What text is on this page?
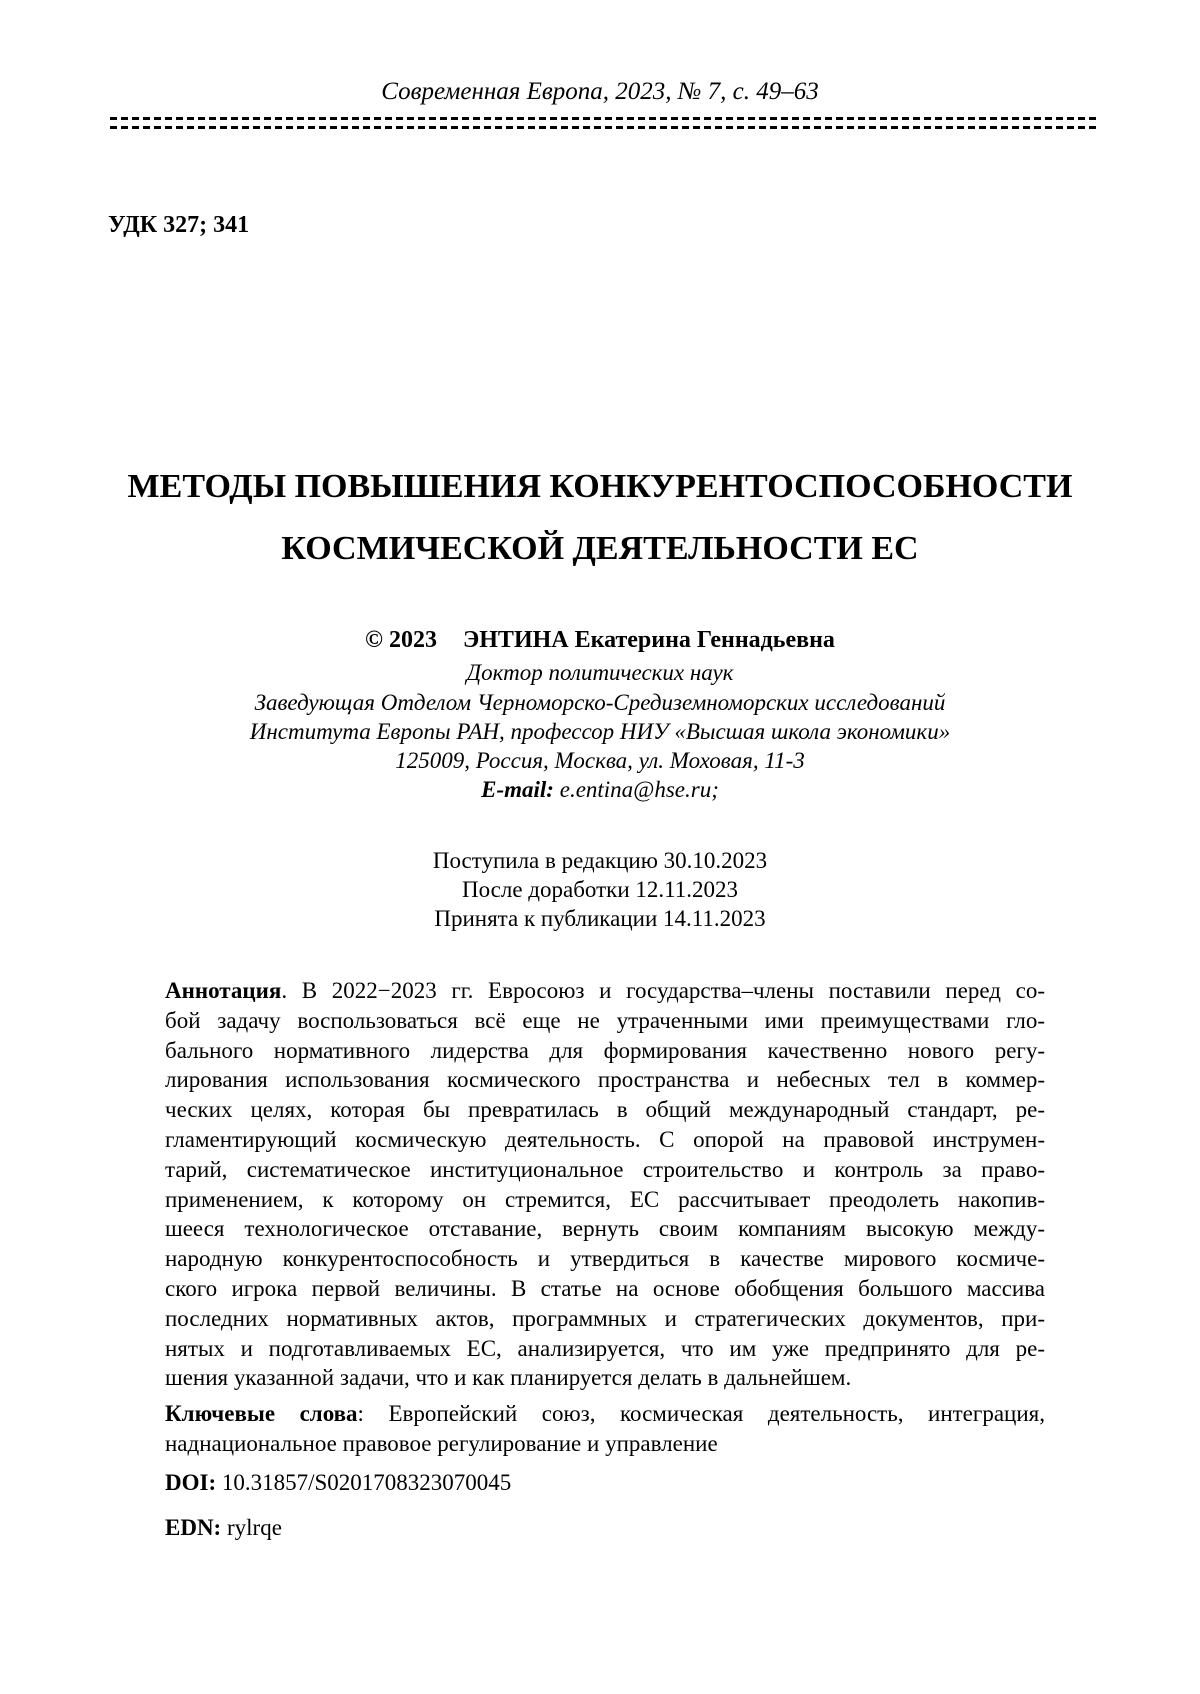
Современная Европа, 2023, № 7, с. 49–63
УДК 327; 341
МЕТОДЫ ПОВЫШЕНИЯ КОНКУРЕНТОСПОСОБНОСТИ
КОСМИЧЕСКОЙ ДЕЯТЕЛЬНОСТИ ЕС
© 2023 ЭНТИНА Екатерина Геннадьевна
Доктор политических наук
Заведующая Отделом Черноморско-Средиземноморских исследований
Института Европы РАН, профессор НИУ «Высшая школа экономики»
125009, Россия, Москва, ул. Моховая, 11-3
E-mail: e.entina@hse.ru;
Поступила в редакцию 30.10.2023
После доработки 12.11.2023
Принята к публикации 14.11.2023
Аннотация. В 2022−2023 гг. Евросоюз и государства–члены поставили перед со-
бой задачу воспользоваться всё еще не утраченными ими преимуществами гло-
бального нормативного лидерства для формирования качественно нового регу-
лирования использования космического пространства и небесных тел в коммер-
ческих целях, которая бы превратилась в общий международный стандарт, ре-
гламентирующий космическую деятельность. С опорой на правовой инструмен-
тарий, систематическое институциональное строительство и контроль за право-
применением, к которому он стремится, ЕС рассчитывает преодолеть накопив-
шееся технологическое отставание, вернуть своим компаниям высокую между-
народную конкурентоспособность и утвердиться в качестве мирового космиче-
ского игрока первой величины. В статье на основе обобщения большого массива
последних нормативных актов, программных и стратегических документов, при-
нятых и подготавливаемых ЕС, анализируется, что им уже предпринято для ре-
шения указанной задачи, что и как планируется делать в дальнейшем.
Ключевые слова: Европейский союз, космическая деятельность, интеграция,
наднациональное правовое регулирование и управление
DOI: 10.31857/S0201708323070045
EDN: rylrqe
